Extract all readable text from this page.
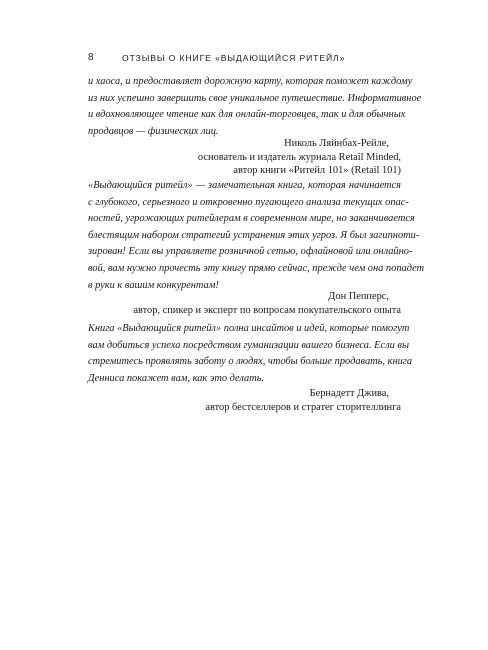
8	ОТЗЫВЫ О КНИГЕ «ВЫДАЮЩИЙСЯ РИТЕЙЛ»

и хаоса, и предоставляет дорожную карту, которая поможет каждому
из них успешно завершить свое уникальное путешествие. Информативное
и вдохновляющее чтение как для онлайн-торговцев, так и для обычных
продавцов — физических лиц.

Николь Ляйнбах-Рейле,
основатель и издатель журнала Retail Minded,
автор книги «Ритейл 101» (Retail 101)

«Выдающийся ритейл» — замечательная книга, которая начинается
с глубокого, серьезного и откровенно пугающего анализа текущих опас-
ностей, угрожающих ритейлерам в современном мире, но заканчивается
блестящим набором стратегий устранения этих угроз. Я был загипноти-
зирован! Если вы управляете розничной сетью, офлайновой или онлайно-
вой, вам нужно прочесть эту книгу прямо сейчас, прежде чем она попадет
в руки к вашим конкурентам!

Дон Пепперс,
автор, спикер и эксперт по вопросам покупательского опыта

Книга «Выдающийся ритейл» полна инсайтов и идей, которые помогут
вам добиться успеха посредством гуманизации вашего бизнеса. Если вы
стремитесь проявлять заботу о людях, чтобы больше продавать, книга
Денниса покажет вам, как это делать.

Бернадетт Джива,
автор бестселлеров и стратег сторителлинга
